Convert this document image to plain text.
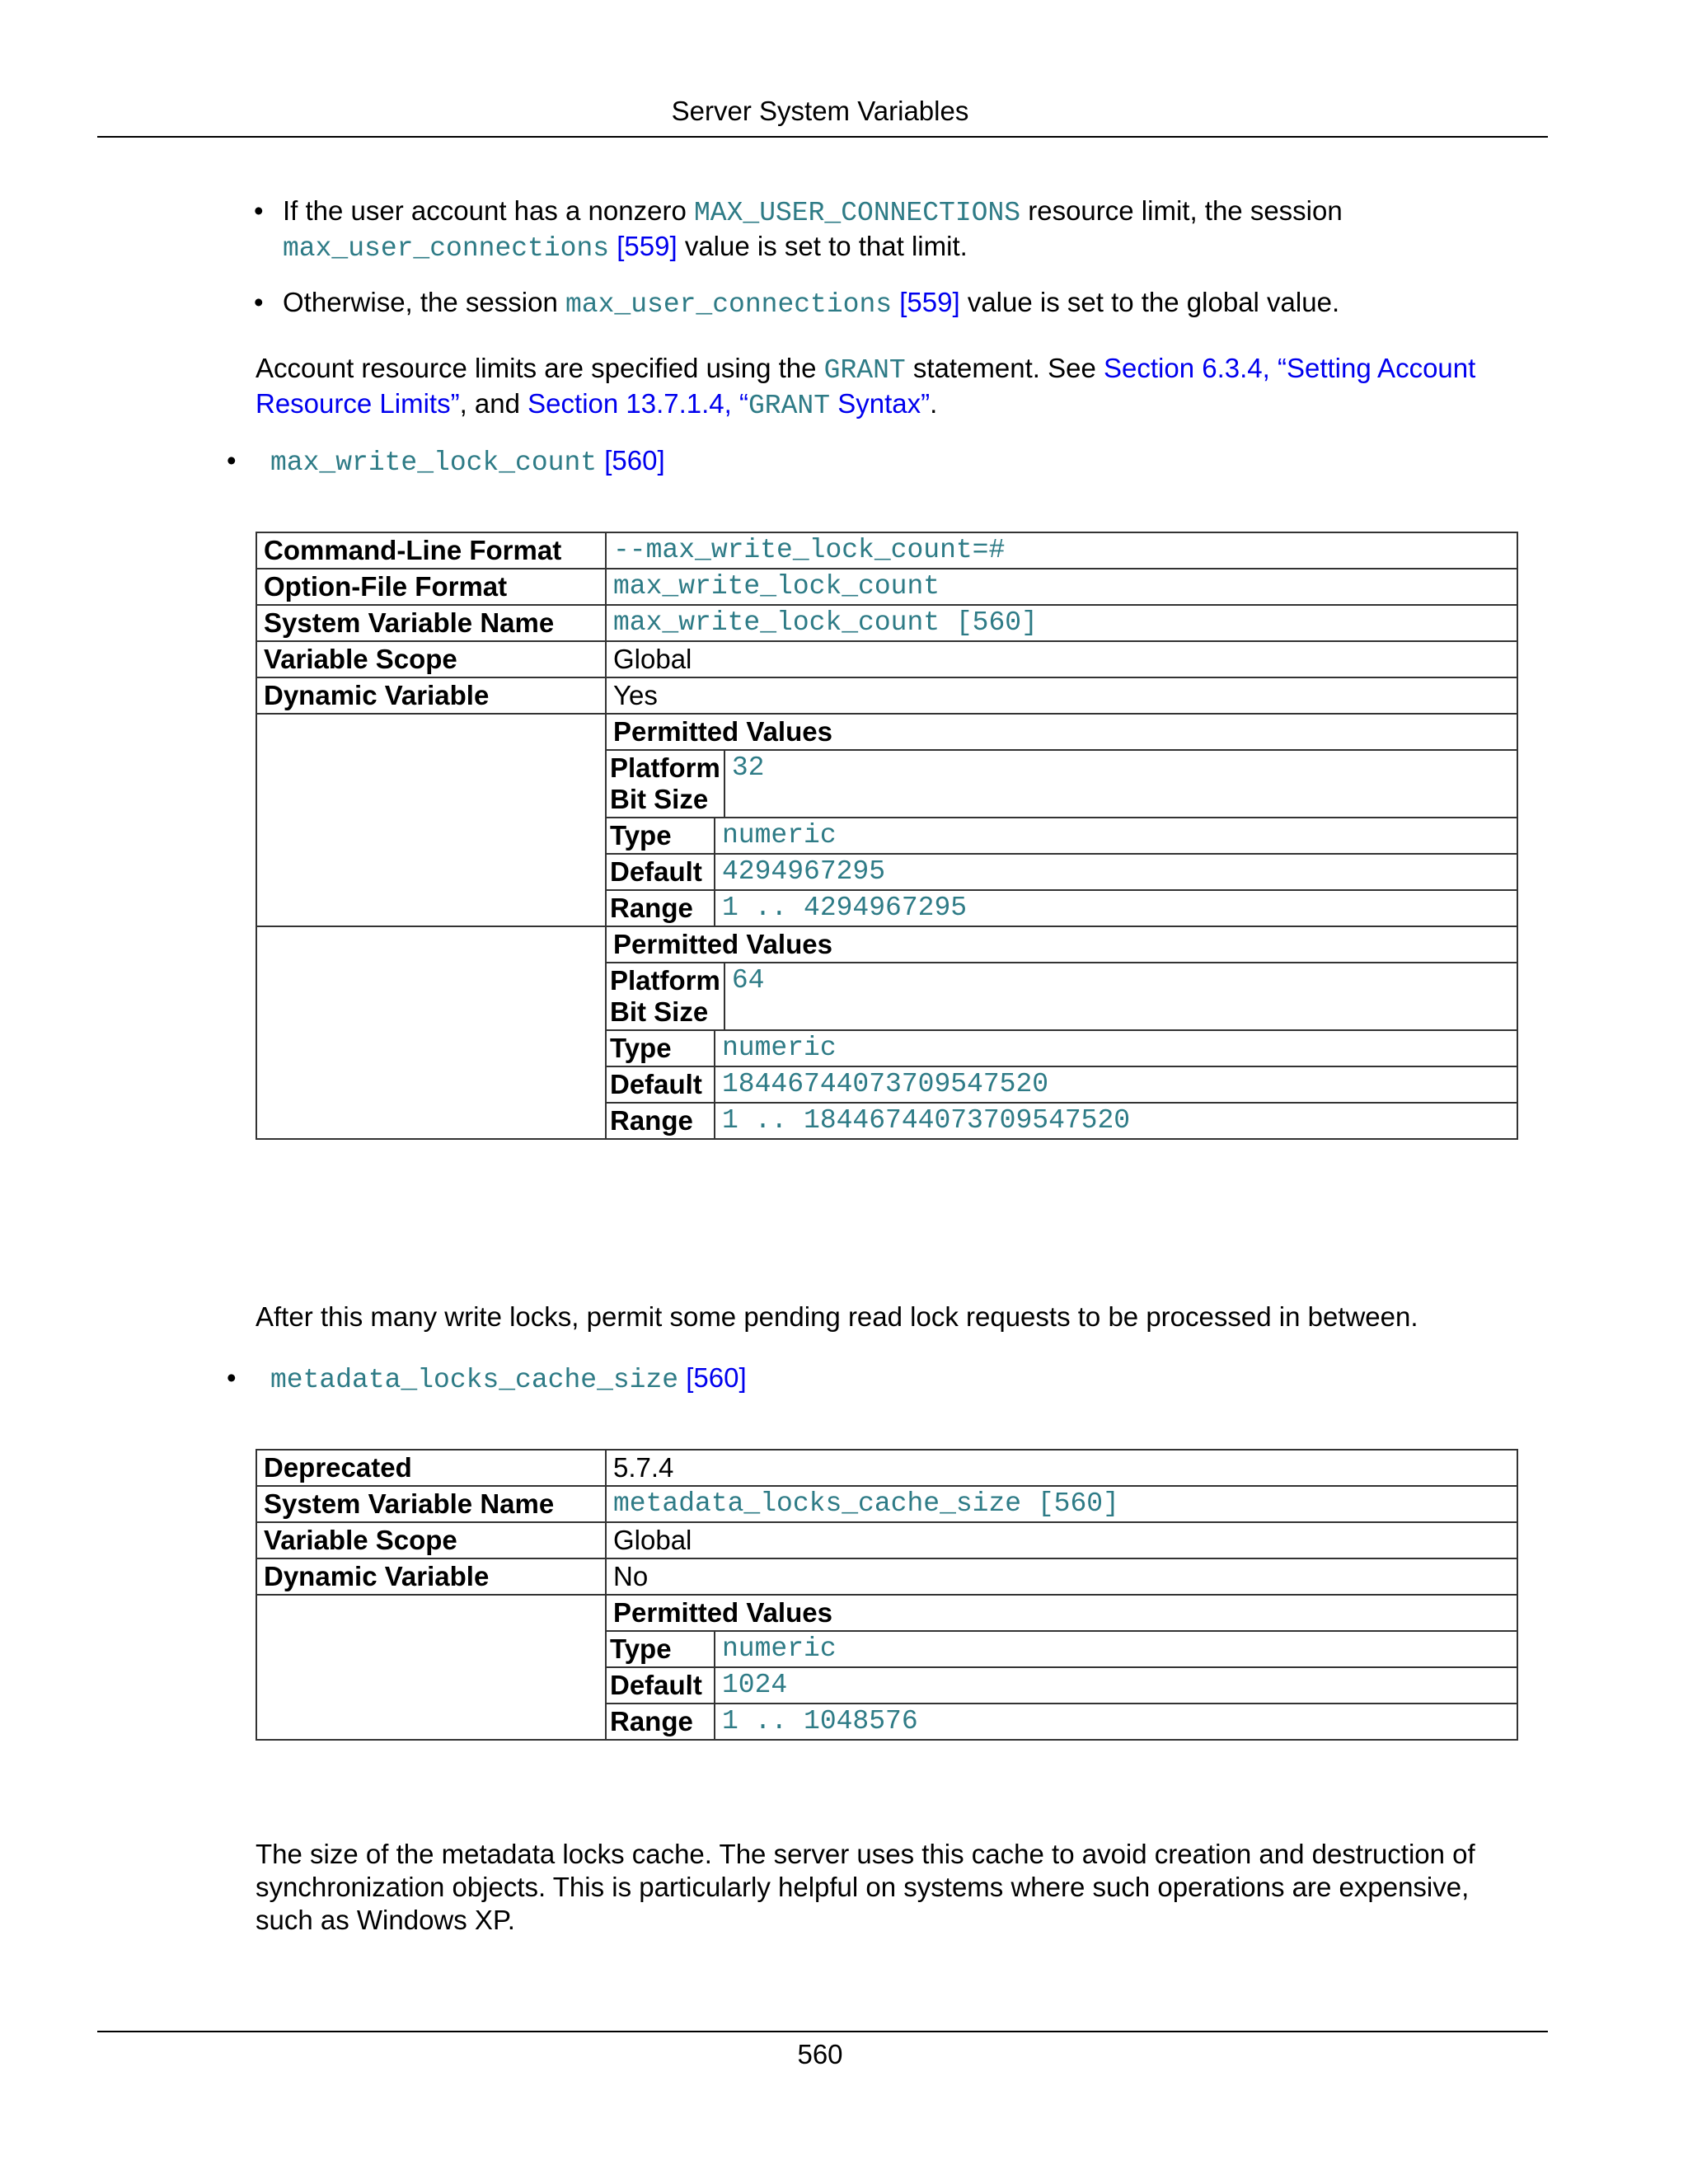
Server System Variables
• If the user account has a nonzero MAX_USER_CONNECTIONS resource limit, the session
max_user_connections [559] value is set to that limit.
• Otherwise, the session max_user_connections [559] value is set to the global value.
Account resource limits are specified using the GRANT statement. See Section 6.3.4, “Setting Account
Resource Limits”, and Section 13.7.1.4, “GRANT Syntax”.
• max_write_lock_count [560]
Command-Line Format	--max_write_lock_count=#
Option-File Format	max_write_lock_count
System Variable Name	max_write_lock_count [560]
Variable Scope	Global
Dynamic Variable	Yes
	Permitted Values

Platform
Bit Size	32

Type	numeric

Default	4294967295

Range	1 .. 4294967295

	Permitted Values

Platform
Bit Size	64

Type	numeric

Default	18446744073709547520

Range	1 .. 18446744073709547520
After this many write locks, permit some pending read lock requests to be processed in between.
• metadata_locks_cache_size [560]
Deprecated	5.7.4
System Variable Name	metadata_locks_cache_size [560]
Variable Scope	Global
Dynamic Variable	No
	Permitted Values

Type	numeric

Default	1024

Range	1 .. 1048576
The size of the metadata locks cache. The server uses this cache to avoid creation and destruction of
synchronization objects. This is particularly helpful on systems where such operations are expensive,
such as Windows XP.
560
